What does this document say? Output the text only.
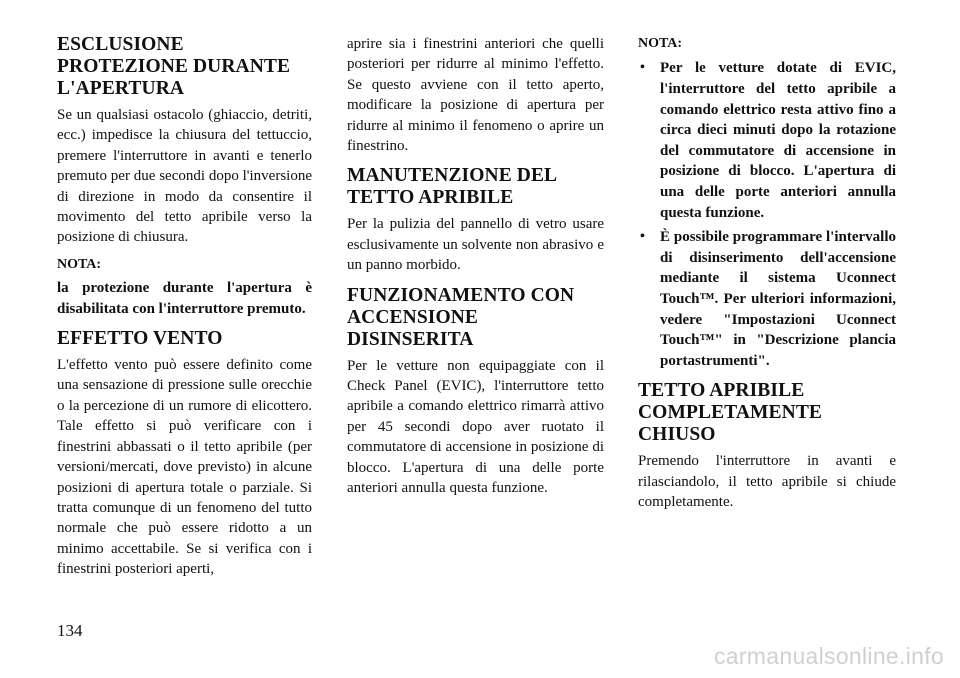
ESCLUSIONE PROTEZIONE DURANTE L'APERTURA

Se un qualsiasi ostacolo (ghiaccio, detriti, ecc.) impedisce la chiusura del tettuccio, premere l'interruttore in avanti e tenerlo premuto per due secondi dopo l'inversione di direzione in modo da consentire il movimento del tetto apribile verso la posizione di chiusura.

NOTA:

la protezione durante l'apertura è disabilitata con l'interruttore premuto.

EFFETTO VENTO

L'effetto vento può essere definito come una sensazione di pressione sulle orecchie o la percezione di un rumore di elicottero. Tale effetto si può verificare con i finestrini abbassati o il tetto apribile (per versioni/mercati, dove previsto) in alcune posizioni di apertura totale o parziale. Si tratta comunque di un fenomeno del tutto normale che può essere ridotto a un minimo accettabile. Se si verifica con i finestrini posteriori aperti,

aprire sia i finestrini anteriori che quelli posteriori per ridurre al minimo l'effetto. Se questo avviene con il tetto aperto, modificare la posizione di apertura per ridurre al minimo il fenomeno o aprire un finestrino.

MANUTENZIONE DEL TETTO APRIBILE

Per la pulizia del pannello di vetro usare esclusivamente un solvente non abrasivo e un panno morbido.

FUNZIONAMENTO CON ACCENSIONE DISINSERITA

Per le vetture non equipaggiate con il Check Panel (EVIC), l'interruttore tetto apribile a comando elettrico rimarrà attivo per 45 secondi dopo aver ruotato il commutatore di accensione in posizione di blocco. L'apertura di una delle porte anteriori annulla questa funzione.

NOTA:

• Per le vetture dotate di EVIC, l'interruttore del tetto apribile a comando elettrico resta attivo fino a circa dieci minuti dopo la rotazione del commutatore di accensione in posizione di blocco. L'apertura di una delle porte anteriori annulla questa funzione.
• È possibile programmare l'intervallo di disinserimento dell'accensione mediante il sistema Uconnect Touch™. Per ulteriori informazioni, vedere "Impostazioni Uconnect Touch™" in "Descrizione plancia portastrumenti".
TETTO APRIBILE COMPLETAMENTE CHIUSO

Premendo l'interruttore in avanti e rilasciandolo, il tetto apribile si chiude completamente.

134
carmanualsonline.info
